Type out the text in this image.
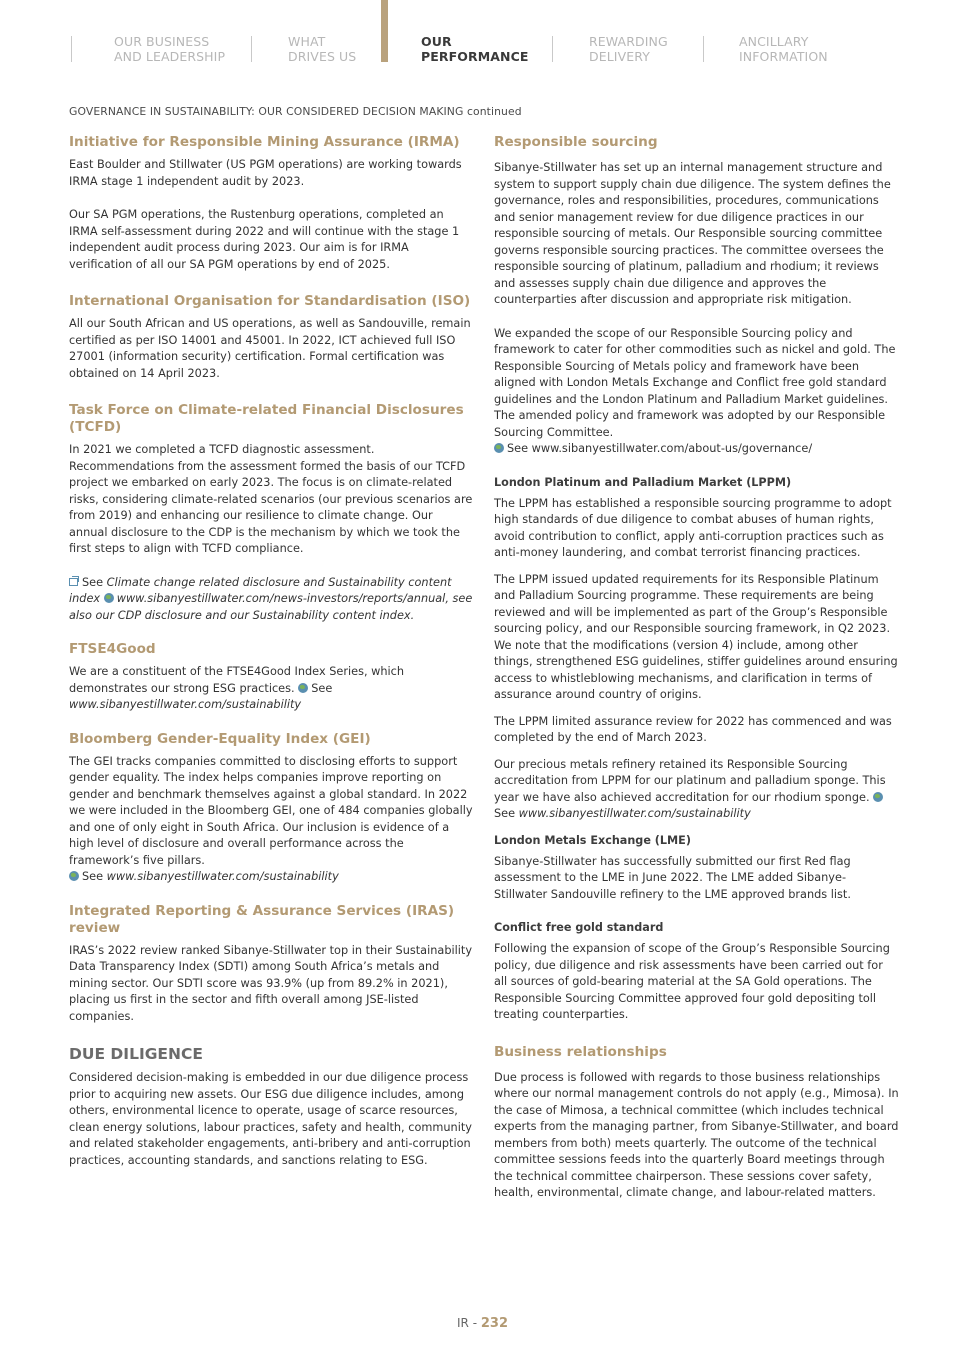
OUR BUSINESS
AND LEADERSHIP
WHAT
DRIVES US
OUR
PERFORMANCE
REWARDING
DELIVERY
ANCILLARY
INFORMATION
GOVERNANCE IN SUSTAINABILITY: OUR CONSIDERED DECISION MAKING continued
Initiative for Responsible Mining Assurance (IRMA)

East Boulder and Stillwater (US PGM operations) are working towards IRMA stage 1 independent audit by 2023.

Our SA PGM operations, the Rustenburg operations, completed an IRMA self-assessment during 2022 and will continue with the stage 1 independent audit process during 2023. Our aim is for IRMA verification of all our SA PGM operations by end of 2025.

International Organisation for Standardisation (ISO)

All our South African and US operations, as well as Sandouville, remain certified as per ISO 14001 and 45001. In 2022, ICT achieved full ISO 27001 (information security) certification. Formal certification was obtained on 14 April 2023.

Task Force on Climate-related Financial Disclosures (TCFD)

In 2021 we completed a TCFD diagnostic assessment. Recommendations from the assessment formed the basis of our TCFD project we embarked on early 2023. The focus is on climate-related risks, considering climate-related scenarios (our previous scenarios are from 2019) and enhancing our resilience to climate change. Our annual disclosure to the CDP is the mechanism by which we took the first steps to align with TCFD compliance.

See Climate change related disclosure and Sustainability content index www.sibanyestillwater.com/news-investors/reports/annual, see also our CDP disclosure and our Sustainability content index.

FTSE4Good

We are a constituent of the FTSE4Good Index Series, which demonstrates our strong ESG practices. See
www.sibanyestillwater.com/sustainability

Bloomberg Gender-Equality Index (GEI)

The GEI tracks companies committed to disclosing efforts to support gender equality. The index helps companies improve reporting on gender and benchmark themselves against a global standard. In 2022 we were included in the Bloomberg GEI, one of 484 companies globally and one of only eight in South Africa. Our inclusion is evidence of a high level of disclosure and overall performance across the framework’s five pillars.
See www.sibanyestillwater.com/sustainability

Integrated Reporting & Assurance Services (IRAS) review

IRAS’s 2022 review ranked Sibanye-Stillwater top in their Sustainability Data Transparency Index (SDTI) among South Africa’s metals and mining sector. Our SDTI score was 93.9% (up from 89.2% in 2021), placing us first in the sector and fifth overall among JSE-listed companies.

DUE DILIGENCE

Considered decision-making is embedded in our due diligence process prior to acquiring new assets. Our ESG due diligence includes, among others, environmental licence to operate, usage of scarce resources, clean energy solutions, labour practices, safety and health, community and related stakeholder engagements, anti-bribery and anti-corruption practices, accounting standards, and sanctions relating to ESG.

Responsible sourcing

Sibanye-Stillwater has set up an internal management structure and system to support supply chain due diligence. The system defines the governance, roles and responsibilities, procedures, communications and senior management review for due diligence practices in our responsible sourcing of metals. Our Responsible sourcing committee governs responsible sourcing practices. The committee oversees the responsible sourcing of platinum, palladium and rhodium; it reviews and assesses supply chain due diligence and approves the counterparties after discussion and appropriate risk mitigation.

We expanded the scope of our Responsible Sourcing policy and framework to cater for other commodities such as nickel and gold. The Responsible Sourcing of Metals policy and framework have been aligned with London Metals Exchange and Conflict free gold standard guidelines and the London Platinum and Palladium Market guidelines. The amended policy and framework was adopted by our Responsible Sourcing Committee.

See www.sibanyestillwater.com/about-us/governance/

London Platinum and Palladium Market (LPPM)

The LPPM has established a responsible sourcing programme to adopt high standards of due diligence to combat abuses of human rights, avoid contribution to conflict, apply anti-corruption practices such as anti-money laundering, and combat terrorist financing practices.

The LPPM issued updated requirements for its Responsible Platinum and Palladium Sourcing programme. These requirements are being reviewed and will be implemented as part of the Group’s Responsible sourcing policy, and our Responsible sourcing framework, in Q2 2023. We note that the modifications (version 4) include, among other things, strengthened ESG guidelines, stiffer guidelines around ensuring access to whistleblowing mechanisms, and clarification in terms of assurance around country of origins.

The LPPM limited assurance review for 2022 has commenced and was completed by the end of March 2023.

Our precious metals refinery retained its Responsible Sourcing accreditation from LPPM for our platinum and palladium sponge. This year we have also achieved accreditation for our rhodium sponge. See www.sibanyestillwater.com/sustainability

London Metals Exchange (LME)

Sibanye-Stillwater has successfully submitted our first Red flag assessment to the LME in June 2022. The LME added Sibanye-Stillwater Sandouville refinery to the LME approved brands list.

Conflict free gold standard

Following the expansion of scope of the Group’s Responsible Sourcing policy, due diligence and risk assessments have been carried out for all sources of gold-bearing material at the SA Gold operations. The Responsible Sourcing Committee approved four gold depositing toll treating counterparties.

Business relationships

Due process is followed with regards to those business relationships where our normal management controls do not apply (e.g., Mimosa). In the case of Mimosa, a technical committee (which includes technical experts from the managing partner, from Sibanye-Stillwater, and board members from both) meets quarterly. The outcome of the technical committee sessions feeds into the quarterly Board meetings through the technical committee chairperson. These sessions cover safety, health, environmental, climate change, and labour-related matters.

IR - 232
